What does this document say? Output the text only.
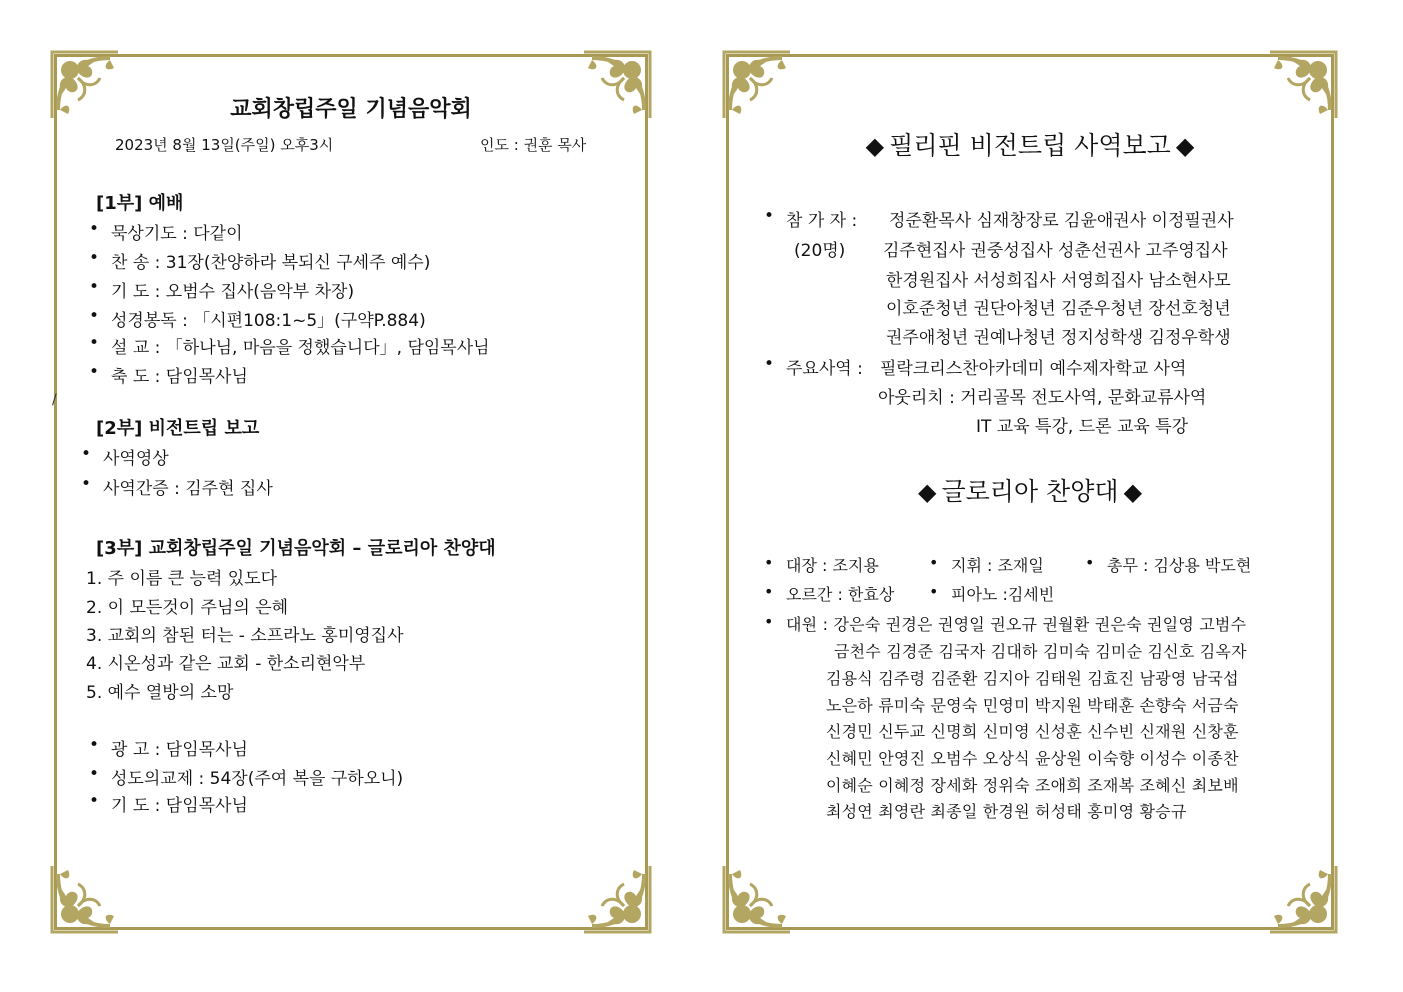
교회창립주일 기념음악회
2023년 8월 13일(주일) 오후3시	인도 : 권훈 목사
[1부] 예배
• 묵상기도 : 다같이
• 찬 송 : 31장(찬양하라 복되신 구세주 예수)
• 기 도 : 오범수 집사(음악부 차장)
• 성경봉독 : 「시편108:1~5」(구약P.884)
• 설 교 : 「하나님, 마음을 정했습니다」, 담임목사님
• 축 도 : 담임목사님
/
[2부] 비전트립 보고
• 사역영상
• 사역간증 : 김주현 집사
[3부] 교회창립주일 기념음악회 – 글로리아 찬양대
1. 주 이름 큰 능력 있도다
2. 이 모든것이 주님의 은혜
3. 교회의 참된 터는 - 소프라노 홍미영집사
4. 시온성과 같은 교회 - 한소리현악부
5. 예수 열방의 소망
• 광 고 : 담임목사님
• 성도의교제 : 54장(주여 복을 구하오니)
• 기 도 : 담임목사님
◆ 필리핀 비전트립 사역보고 ◆
• 참 가 자 : 정준환목사 심재창장로 김윤애권사 이정필권사
(20명) 김주현집사 권중성집사 성춘선권사 고주영집사
한경원집사 서성희집사 서영희집사 남소현사모
이호준청년 권단아청년 김준우청년 장선호청년
권주애청년 권예나청년 정지성학생 김정우학생
• 주요사역 : 필락크리스찬아카데미 예수제자학교 사역
아웃리치 : 거리골목 전도사역, 문화교류사역
IT 교육 특강, 드론 교육 특강
◆ 글로리아 찬양대 ◆
• 대장 : 조지용	• 지휘 : 조재일	• 총무 : 김상용 박도현
• 오르간 : 한효상	• 피아노 :김세빈
• 대원 : 강은숙 권경은 권영일 권오규 권월환 권은숙 권일영 고범수
금천수 김경준 김국자 김대하 김미숙 김미순 김신호 김옥자
김용식 김주령 김준환 김지아 김태원 김효진 남광영 남국섭
노은하 류미숙 문영숙 민영미 박지원 박태훈 손향숙 서금숙
신경민 신두교 신명희 신미영 신성훈 신수빈 신재원 신창훈
신혜민 안영진 오범수 오상식 윤상원 이숙향 이성수 이종찬
이혜순 이혜정 장세화 정위숙 조애희 조재복 조혜신 최보배
최성연 최영란 최종일 한경원 허성태 홍미영 황승규
